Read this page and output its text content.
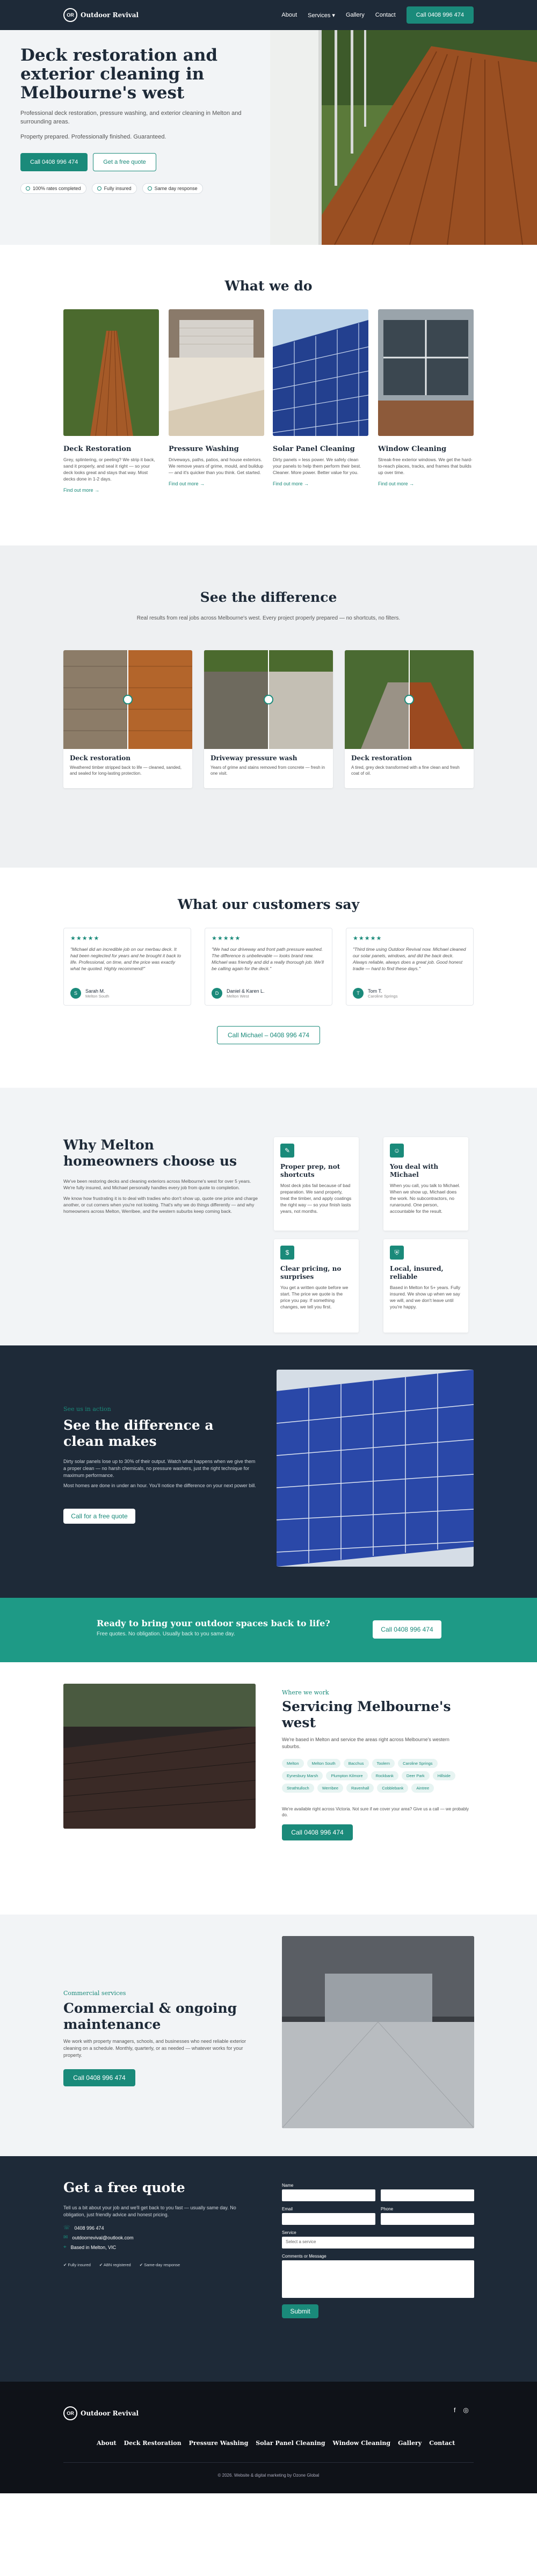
OR	Outdoor Revival	About Services ▾ Gallery Contact	Call 0408 996 474
Deck restoration and exterior cleaning in Melbourne's west

Professional deck restoration, pressure washing, and exterior cleaning in Melton and surrounding areas.

Property prepared. Professionally finished. Guaranteed.

Call 0408 996 474	Get a free quote
100% rates completed	Fully insured	Same day response
What we do
Deck Restoration

Grey, splintering, or peeling? We strip it back, sand it properly, and seal it right — so your deck looks great and stays that way. Most decks done in 1-2 days.

Find out more →
Pressure Washing

Driveways, paths, patios, and house exteriors. We remove years of grime, mould, and buildup — and it's quicker than you think. Get started.

Find out more →
Solar Panel Cleaning

Dirty panels = less power. We safely clean your panels to help them perform their best. Cleaner. More power. Better value for you.

Find out more →
Window Cleaning

Streak-free exterior windows. We get the hard-to-reach places, tracks, and frames that builds up over time.

Find out more →
See the difference

Real results from real jobs across Melbourne's west. Every project properly prepared — no shortcuts, no filters.

Deck restoration

Weathered timber stripped back to life — cleaned, sanded, and sealed for long-lasting protection.

Driveway pressure wash

Years of grime and stains removed from concrete — fresh in one visit.

Deck restoration

A tired, grey deck transformed with a fine clean and fresh coat of oil.

What our customers say
★★★★★

"Michael did an incredible job on our merbau deck. It had been neglected for years and he brought it back to life. Professional, on time, and the price was exactly what he quoted. Highly recommend!"

S	Sarah M.
Melton South
★★★★★

"We had our driveway and front path pressure washed. The difference is unbelievable — looks brand new. Michael was friendly and did a really thorough job. We'll be calling again for the deck."

D	Daniel & Karen L.
Melton West
★★★★★

"Third time using Outdoor Revival now. Michael cleaned our solar panels, windows, and did the back deck. Always reliable, always does a great job. Good honest tradie — hard to find these days."

T	Tom T.
Caroline Springs
Call Michael – 0408 996 474
Why Melton homeowners choose us

We've been restoring decks and cleaning exteriors across Melbourne's west for over 5 years. We're fully insured, and Michael personally handles every job from quote to completion.

We know how frustrating it is to deal with tradies who don't show up, quote one price and charge another, or cut corners when you're not looking. That's why we do things differently — and why homeowners across Melton, Werribee, and the western suburbs keep coming back.

✎
Proper prep, not shortcuts

Most deck jobs fail because of bad preparation. We sand properly, treat the timber, and apply coatings the right way — so your finish lasts years, not months.

☺
You deal with Michael

When you call, you talk to Michael. When we show up, Michael does the work. No subcontractors, no runaround. One person, accountable for the result.

$
Clear pricing, no surprises

You get a written quote before we start. The price we quote is the price you pay. If something changes, we tell you first.

⛨
Local, insured, reliable

Based in Melton for 5+ years. Fully insured. We show up when we say we will, and we don't leave until you're happy.

See us in action
See the difference a clean makes

Dirty solar panels lose up to 30% of their output. Watch what happens when we give them a proper clean — no harsh chemicals, no pressure washers, just the right technique for maximum performance.

Most homes are done in under an hour. You'll notice the difference on your next power bill.

Call for a free quote
Ready to bring your outdoor spaces back to life?

Free quotes. No obligation. Usually back to you same day.

Call 0408 996 474
Where we work
Servicing Melbourne's west

We're based in Melton and service the areas right across Melbourne's western suburbs.

Melton	Melton South	Bacchus	Toolern	Caroline Springs
Eynesbury Marsh	Plumpton Kilmore	Rockbank	Deer Park	Hillside
Strathtulloch	Werribee	Ravenhall	Cobblebank	Aintree

We're available right across Victoria. Not sure if we cover your area? Give us a call — we probably do.

Call 0408 996 474
Commercial services
Commercial & ongoing maintenance

We work with property managers, schools, and businesses who need reliable exterior cleaning on a schedule. Monthly, quarterly, or as needed — whatever works for your property.

Call 0408 996 474
Get a free quote

Tell us a bit about your job and we'll get back to you fast — usually same day. No obligation, just friendly advice and honest pricing.

☏ 0408 996 474
✉ outdoorrevival@outlook.com
⌖ Based in Melton, VIC
✔ Fully insured ✔ ABN registered ✔ Same-day response
Name
Email	Phone
Service
Select a service
Comments or Message
Submit
OR	Outdoor Revival	f ◎
About Deck Restoration Pressure Washing Solar Panel Cleaning Window Cleaning Gallery Contact
© 2026. Website & digital marketing by Ozone Global
